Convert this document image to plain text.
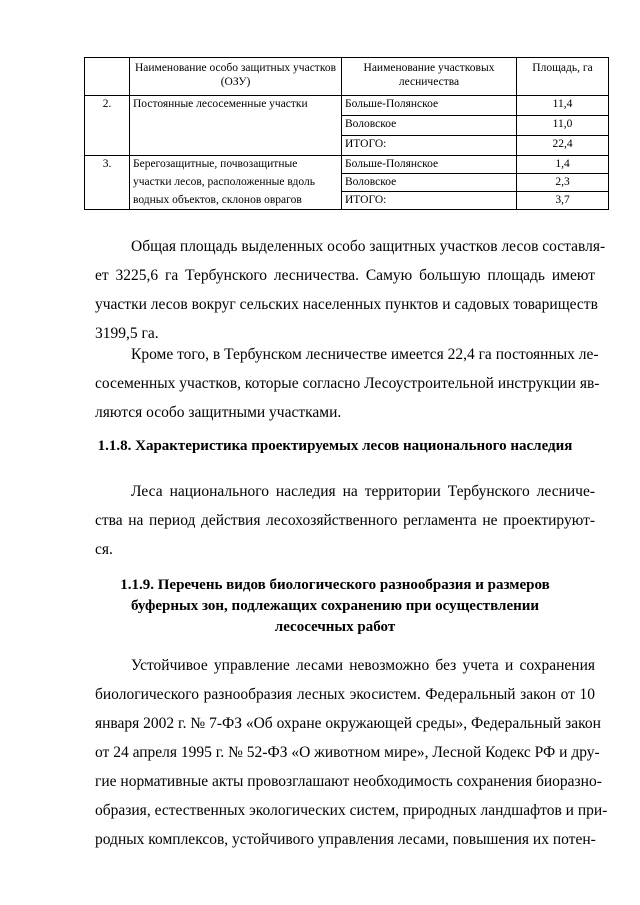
	Наименование особо защитных участков (ОЗУ)	Наименование участковых лесничества	Площадь, га
2.	Постоянные лесосеменные участки	Больше-Полянское	11,4
		Воловское	11,0
		ИТОГО:	22,4
3.	Берегозащитные, почвозащитные	Больше-Полянское	1,4
	участки лесов, расположенные вдоль	Воловское	2,3
	водных объектов, склонов оврагов	ИТОГО:	3,7
Общая площадь выделенных особо защитных участков лесов составля-
ет 3225,6 га Тербунского лесничества. Самую большую площадь имеют
участки лесов вокруг сельских населенных пунктов и садовых товариществ
3199,5 га.
Кроме того, в Тербунском лесничестве имеется 22,4 га постоянных ле-
сосеменных участков, которые согласно Лесоустроительной инструкции яв-
ляются особо защитными участками.
1.1.8. Характеристика проектируемых лесов национального наследия
Леса национального наследия на территории Тербунского лесниче-
ства на период действия лесохозяйственного регламента не проектируют-
ся.
1.1.9. Перечень видов биологического разнообразия и размеров
буферных зон, подлежащих сохранению при осуществлении
лесосечных работ
Устойчивое управление лесами невозможно без учета и сохранения
биологического разнообразия лесных экосистем. Федеральный закон от 10
января 2002 г. № 7-ФЗ «Об охране окружающей среды», Федеральный закон
от 24 апреля 1995 г. № 52-ФЗ «О животном мире», Лесной Кодекс РФ и дру-
гие нормативные акты провозглашают необходимость сохранения биоразно-
образия, естественных экологических систем, природных ландшафтов и при-
родных комплексов, устойчивого управления лесами, повышения их потен-
